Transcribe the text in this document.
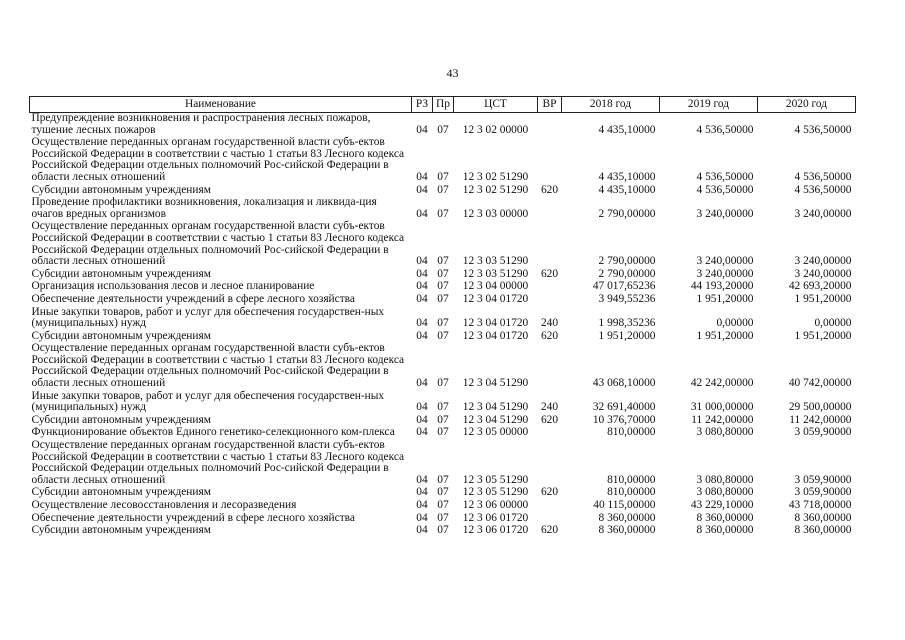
43
Наименование	РЗ	Пр	ЦСТ	ВР	2018 год	2019 год	2020 год
Предупреждение возникновения и распространения лесных пожаров, тушение лесных пожаров	04	07	12 3 02 00000		4 435,10000	4 536,50000	4 536,50000
Осуществление переданных органам государственной власти субъ-ектов Российской Федерации в соответствии с частью 1 статьи 83 Лесного кодекса Российской Федерации отдельных полномочий Рос-сийской Федерации в области лесных отношений	04	07	12 3 02 51290		4 435,10000	4 536,50000	4 536,50000
Субсидии автономным учреждениям	04	07	12 3 02 51290	620	4 435,10000	4 536,50000	4 536,50000
Проведение профилактики возникновения, локализация и ликвида-ция очагов вредных организмов	04	07	12 3 03 00000		2 790,00000	3 240,00000	3 240,00000
Осуществление переданных органам государственной власти субъ-ектов Российской Федерации в соответствии с частью 1 статьи 83 Лесного кодекса Российской Федерации отдельных полномочий Рос-сийской Федерации в области лесных отношений	04	07	12 3 03 51290		2 790,00000	3 240,00000	3 240,00000
Субсидии автономным учреждениям	04	07	12 3 03 51290	620	2 790,00000	3 240,00000	3 240,00000
Организация использования лесов и лесное планирование	04	07	12 3 04 00000		47 017,65236	44 193,20000	42 693,20000
Обеспечение деятельности учреждений в сфере лесного хозяйства	04	07	12 3 04 01720		3 949,55236	1 951,20000	1 951,20000
Иные закупки товаров, работ и услуг для обеспечения государствен-ных (муниципальных) нужд	04	07	12 3 04 01720	240	1 998,35236	0,00000	0,00000
Субсидии автономным учреждениям	04	07	12 3 04 01720	620	1 951,20000	1 951,20000	1 951,20000
Осуществление переданных органам государственной власти субъ-ектов Российской Федерации в соответствии с частью 1 статьи 83 Лесного кодекса Российской Федерации отдельных полномочий Рос-сийской Федерации в области лесных отношений	04	07	12 3 04 51290		43 068,10000	42 242,00000	40 742,00000
Иные закупки товаров, работ и услуг для обеспечения государствен-ных (муниципальных) нужд	04	07	12 3 04 51290	240	32 691,40000	31 000,00000	29 500,00000
Субсидии автономным учреждениям	04	07	12 3 04 51290	620	10 376,70000	11 242,00000	11 242,00000
Функционирование объектов Единого генетико-селекционного ком-плекса	04	07	12 3 05 00000		810,00000	3 080,80000	3 059,90000
Осуществление переданных органам государственной власти субъ-ектов Российской Федерации в соответствии с частью 1 статьи 83 Лесного кодекса Российской Федерации отдельных полномочий Рос-сийской Федерации в области лесных отношений	04	07	12 3 05 51290		810,00000	3 080,80000	3 059,90000
Субсидии автономным учреждениям	04	07	12 3 05 51290	620	810,00000	3 080,80000	3 059,90000
Осуществление лесовосстановления и лесоразведения	04	07	12 3 06 00000		40 115,00000	43 229,10000	43 718,00000
Обеспечение деятельности учреждений в сфере лесного хозяйства	04	07	12 3 06 01720		8 360,00000	8 360,00000	8 360,00000
Субсидии автономным учреждениям	04	07	12 3 06 01720	620	8 360,00000	8 360,00000	8 360,00000
